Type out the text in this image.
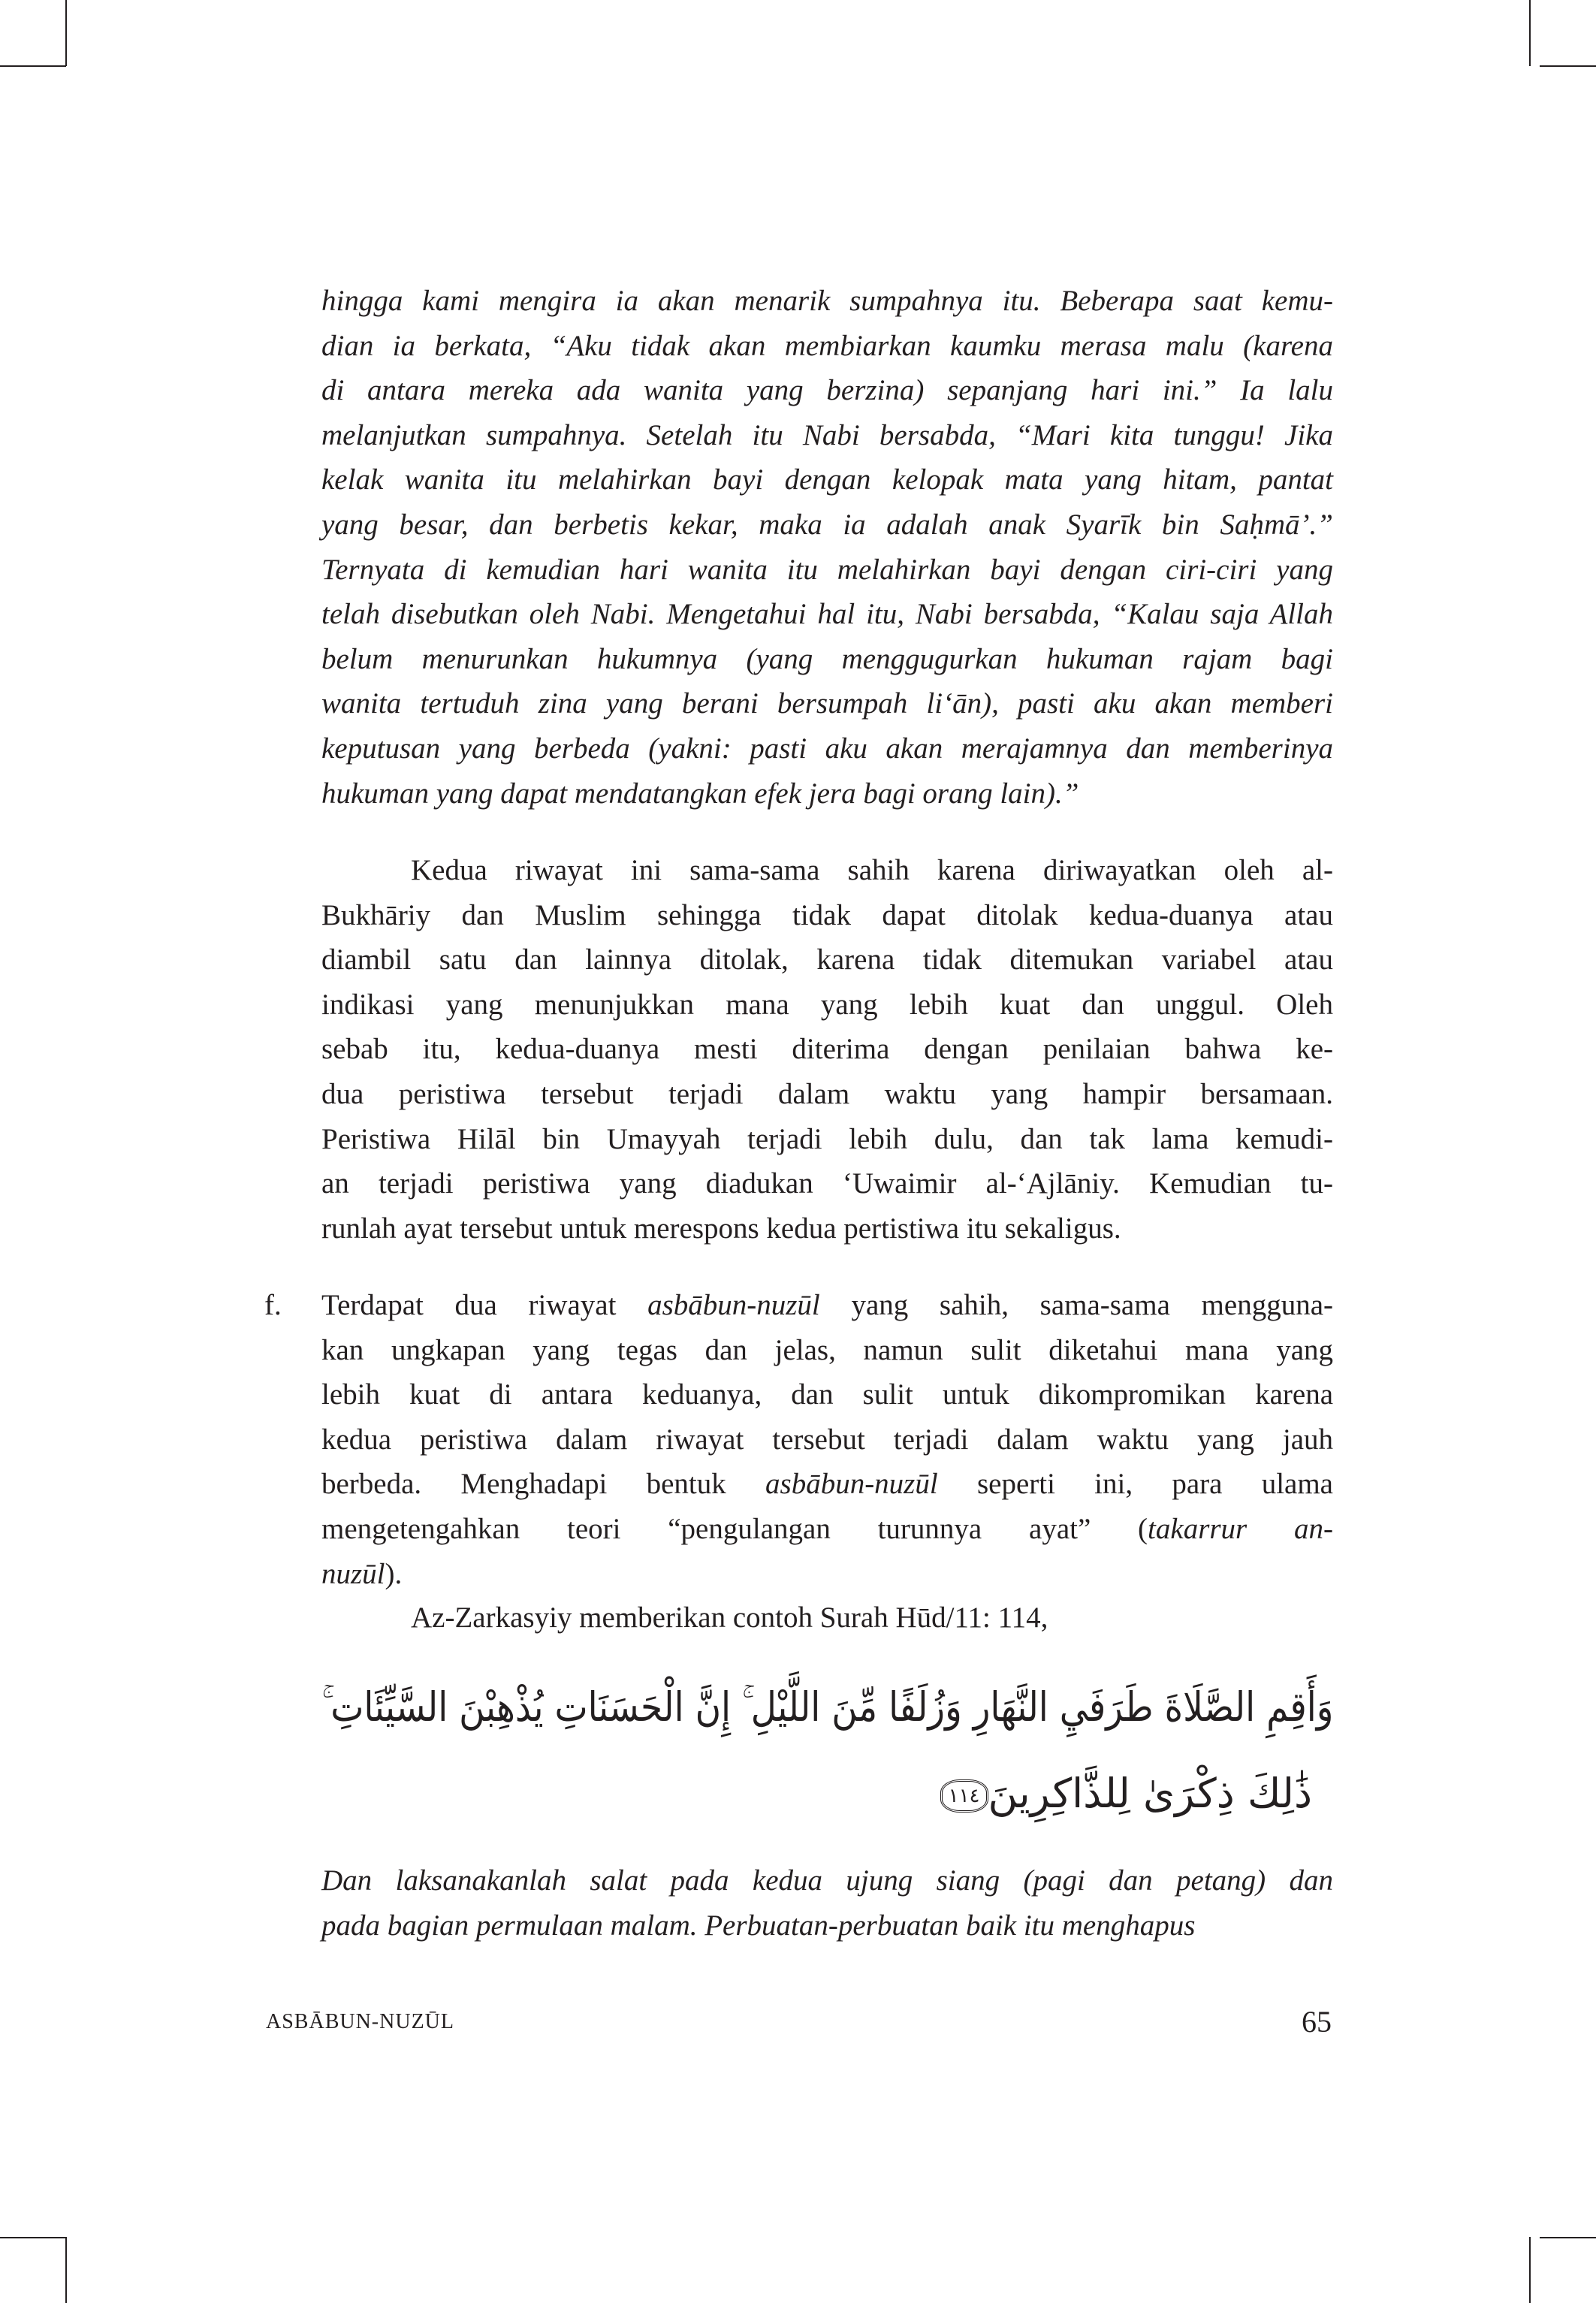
hingga kami mengira ia akan menarik sumpahnya itu. Beberapa saat kemu-
dian ia berkata, “Aku tidak akan membiarkan kaumku merasa malu (karena
di antara mereka ada wanita yang berzina) sepanjang hari ini.” Ia lalu
melanjutkan sumpahnya. Setelah itu Nabi bersabda, “Mari kita tunggu! Jika
kelak wanita itu melahirkan bayi dengan kelopak mata yang hitam, pantat
yang besar, dan berbetis kekar, maka ia adalah anak Syarīk bin Saḥmā’.”
Ternyata di kemudian hari wanita itu melahirkan bayi dengan ciri-ciri yang
telah disebutkan oleh Nabi. Mengetahui hal itu, Nabi bersabda, “Kalau saja Allah
belum menurunkan hukumnya (yang menggugurkan hukuman rajam bagi
wanita tertuduh zina yang berani bersumpah li‘ān), pasti aku akan memberi
keputusan yang berbeda (yakni: pasti aku akan merajamnya dan memberinya
hukuman yang dapat mendatangkan efek jera bagi orang lain).”
Kedua riwayat ini sama-sama sahih karena diriwayatkan oleh al-
Bukhāriy dan Muslim sehingga tidak dapat ditolak kedua-duanya atau
diambil satu dan lainnya ditolak, karena tidak ditemukan variabel atau
indikasi yang menunjukkan mana yang lebih kuat dan unggul. Oleh
sebab itu, kedua-duanya mesti diterima dengan penilaian bahwa ke-
dua peristiwa tersebut terjadi dalam waktu yang hampir bersamaan.
Peristiwa Hilāl bin Umayyah terjadi lebih dulu, dan tak lama kemudi-
an terjadi peristiwa yang diadukan ‘Uwaimir al-‘Ajlāniy. Kemudian tu-
runlah ayat tersebut untuk merespons kedua pertistiwa itu sekaligus.
f. Terdapat dua riwayat asbābun-nuzūl yang sahih, sama-sama mengguna-
kan ungkapan yang tegas dan jelas, namun sulit diketahui mana yang
lebih kuat di antara keduanya, dan sulit untuk dikompromikan karena
kedua peristiwa dalam riwayat tersebut terjadi dalam waktu yang jauh
berbeda. Menghadapi bentuk asbābun-nuzūl seperti ini, para ulama
mengetengahkan teori “pengulangan turunnya ayat” (takarrur an-
nuzūl).
Az-Zarkasyiy memberikan contoh Surah Hūd/11: 114,
وَأَقِمِ الصَّلَاةَ طَرَفَيِ النَّهَارِ وَزُلَفًا مِّنَ اللَّيْلِ ۚ إِنَّ الْحَسَنَاتِ يُذْهِبْنَ السَّيِّئَاتِ ۚ
ذَٰلِكَ ذِكْرَىٰ لِلذَّاكِرِينَ١١٤
Dan laksanakanlah salat pada kedua ujung siang (pagi dan petang) dan
pada bagian permulaan malam. Perbuatan-perbuatan baik itu menghapus
ASBĀBUN-NUZŪL	65
